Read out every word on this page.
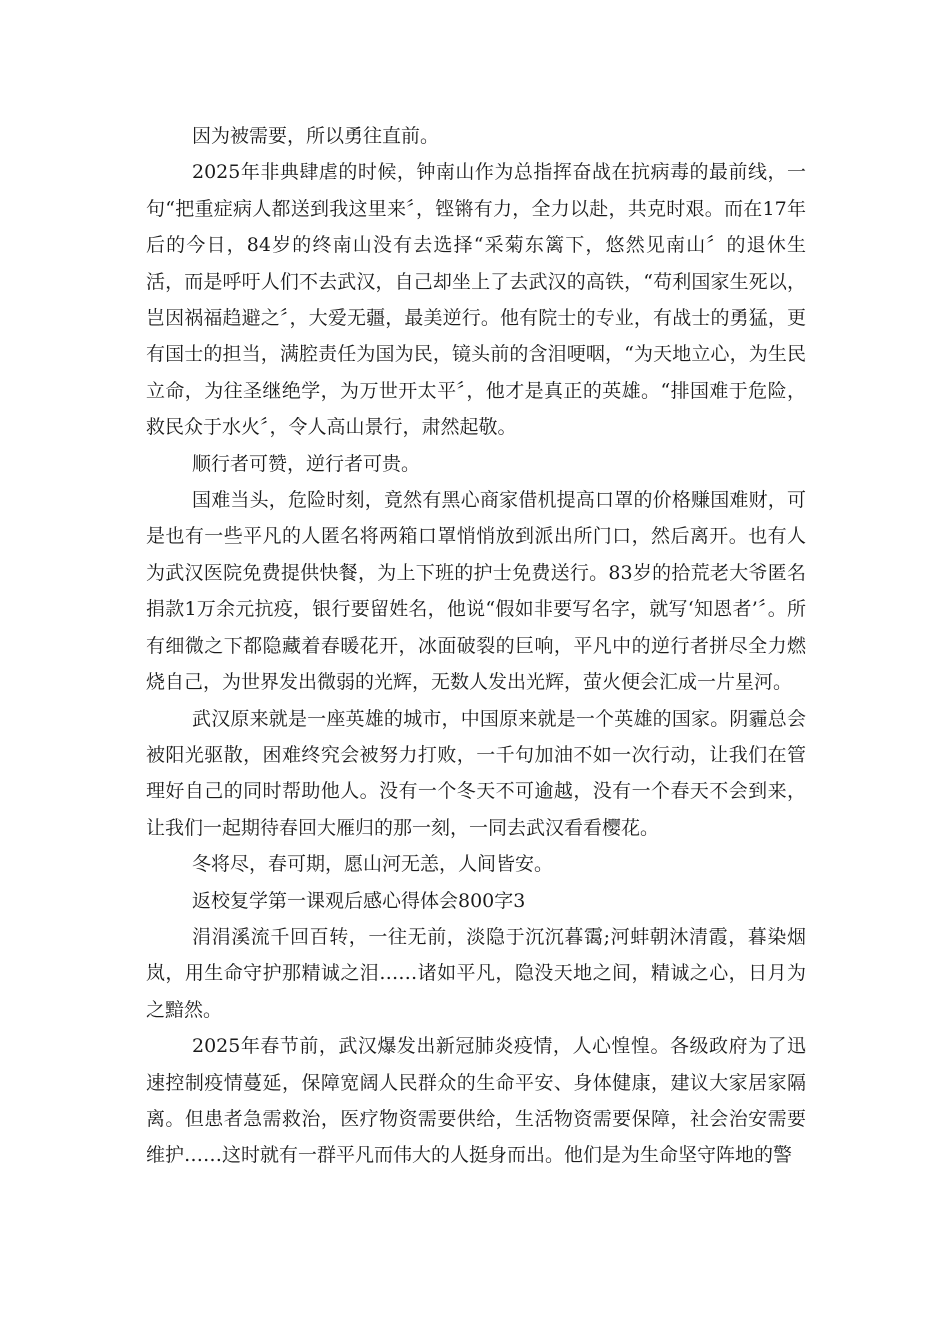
因为被需要，所以勇往直前。

2025年非典肆虐的时候，钟南山作为总指挥奋战在抗病毒的最前线，一句“把重症病人都送到我这里来〞，铿锵有力，全力以赴，共克时艰。而在17年后的今日，84岁的终南山没有去选择“采菊东篱下，悠然见南山〞的退休生活，而是呼吁人们不去武汉，自己却坐上了去武汉的高铁，“苟利国家生死以，岂因祸福趋避之〞，大爱无疆，最美逆行。他有院士的专业，有战士的勇猛，更有国士的担当，满腔责任为国为民，镜头前的含泪哽咽，“为天地立心，为生民立命，为往圣继绝学，为万世开太平〞，他才是真正的英雄。“排国难于危险，救民众于水火〞，令人高山景行，肃然起敬。

顺行者可赞，逆行者可贵。

国难当头，危险时刻，竟然有黑心商家借机提高口罩的价格赚国难财，可是也有一些平凡的人匿名将两箱口罩悄悄放到派出所门口，然后离开。也有人为武汉医院免费提供快餐，为上下班的护士免费送行。83岁的拾荒老大爷匿名捐款1万余元抗疫，银行要留姓名，他说“假如非要写名字，就写‘知恩者’〞。所有细微之下都隐藏着春暖花开，冰面破裂的巨响，平凡中的逆行者拼尽全力燃烧自己，为世界发出微弱的光辉，无数人发出光辉，萤火便会汇成一片星河。

武汉原来就是一座英雄的城市，中国原来就是一个英雄的国家。阴霾总会被阳光驱散，困难终究会被努力打败，一千句加油不如一次行动，让我们在管理好自己的同时帮助他人。没有一个冬天不可逾越，没有一个春天不会到来，让我们一起期待春回大雁归的那一刻，一同去武汉看看樱花。

冬将尽，春可期，愿山河无恙，人间皆安。

返校复学第一课观后感心得体会800字3

涓涓溪流千回百转，一往无前，淡隐于沉沉暮霭;河蚌朝沐清霞，暮染烟岚，用生命守护那精诚之泪……诸如平凡，隐没天地之间，精诚之心，日月为之黯然。

2025年春节前，武汉爆发出新冠肺炎疫情，人心惶惶。各级政府为了迅速控制疫情蔓延，保障宽阔人民群众的生命平安、身体健康，建议大家居家隔离。但患者急需救治，医疗物资需要供给，生活物资需要保障，社会治安需要维护……这时就有一群平凡而伟大的人挺身而出。他们是为生命坚守阵地的警
